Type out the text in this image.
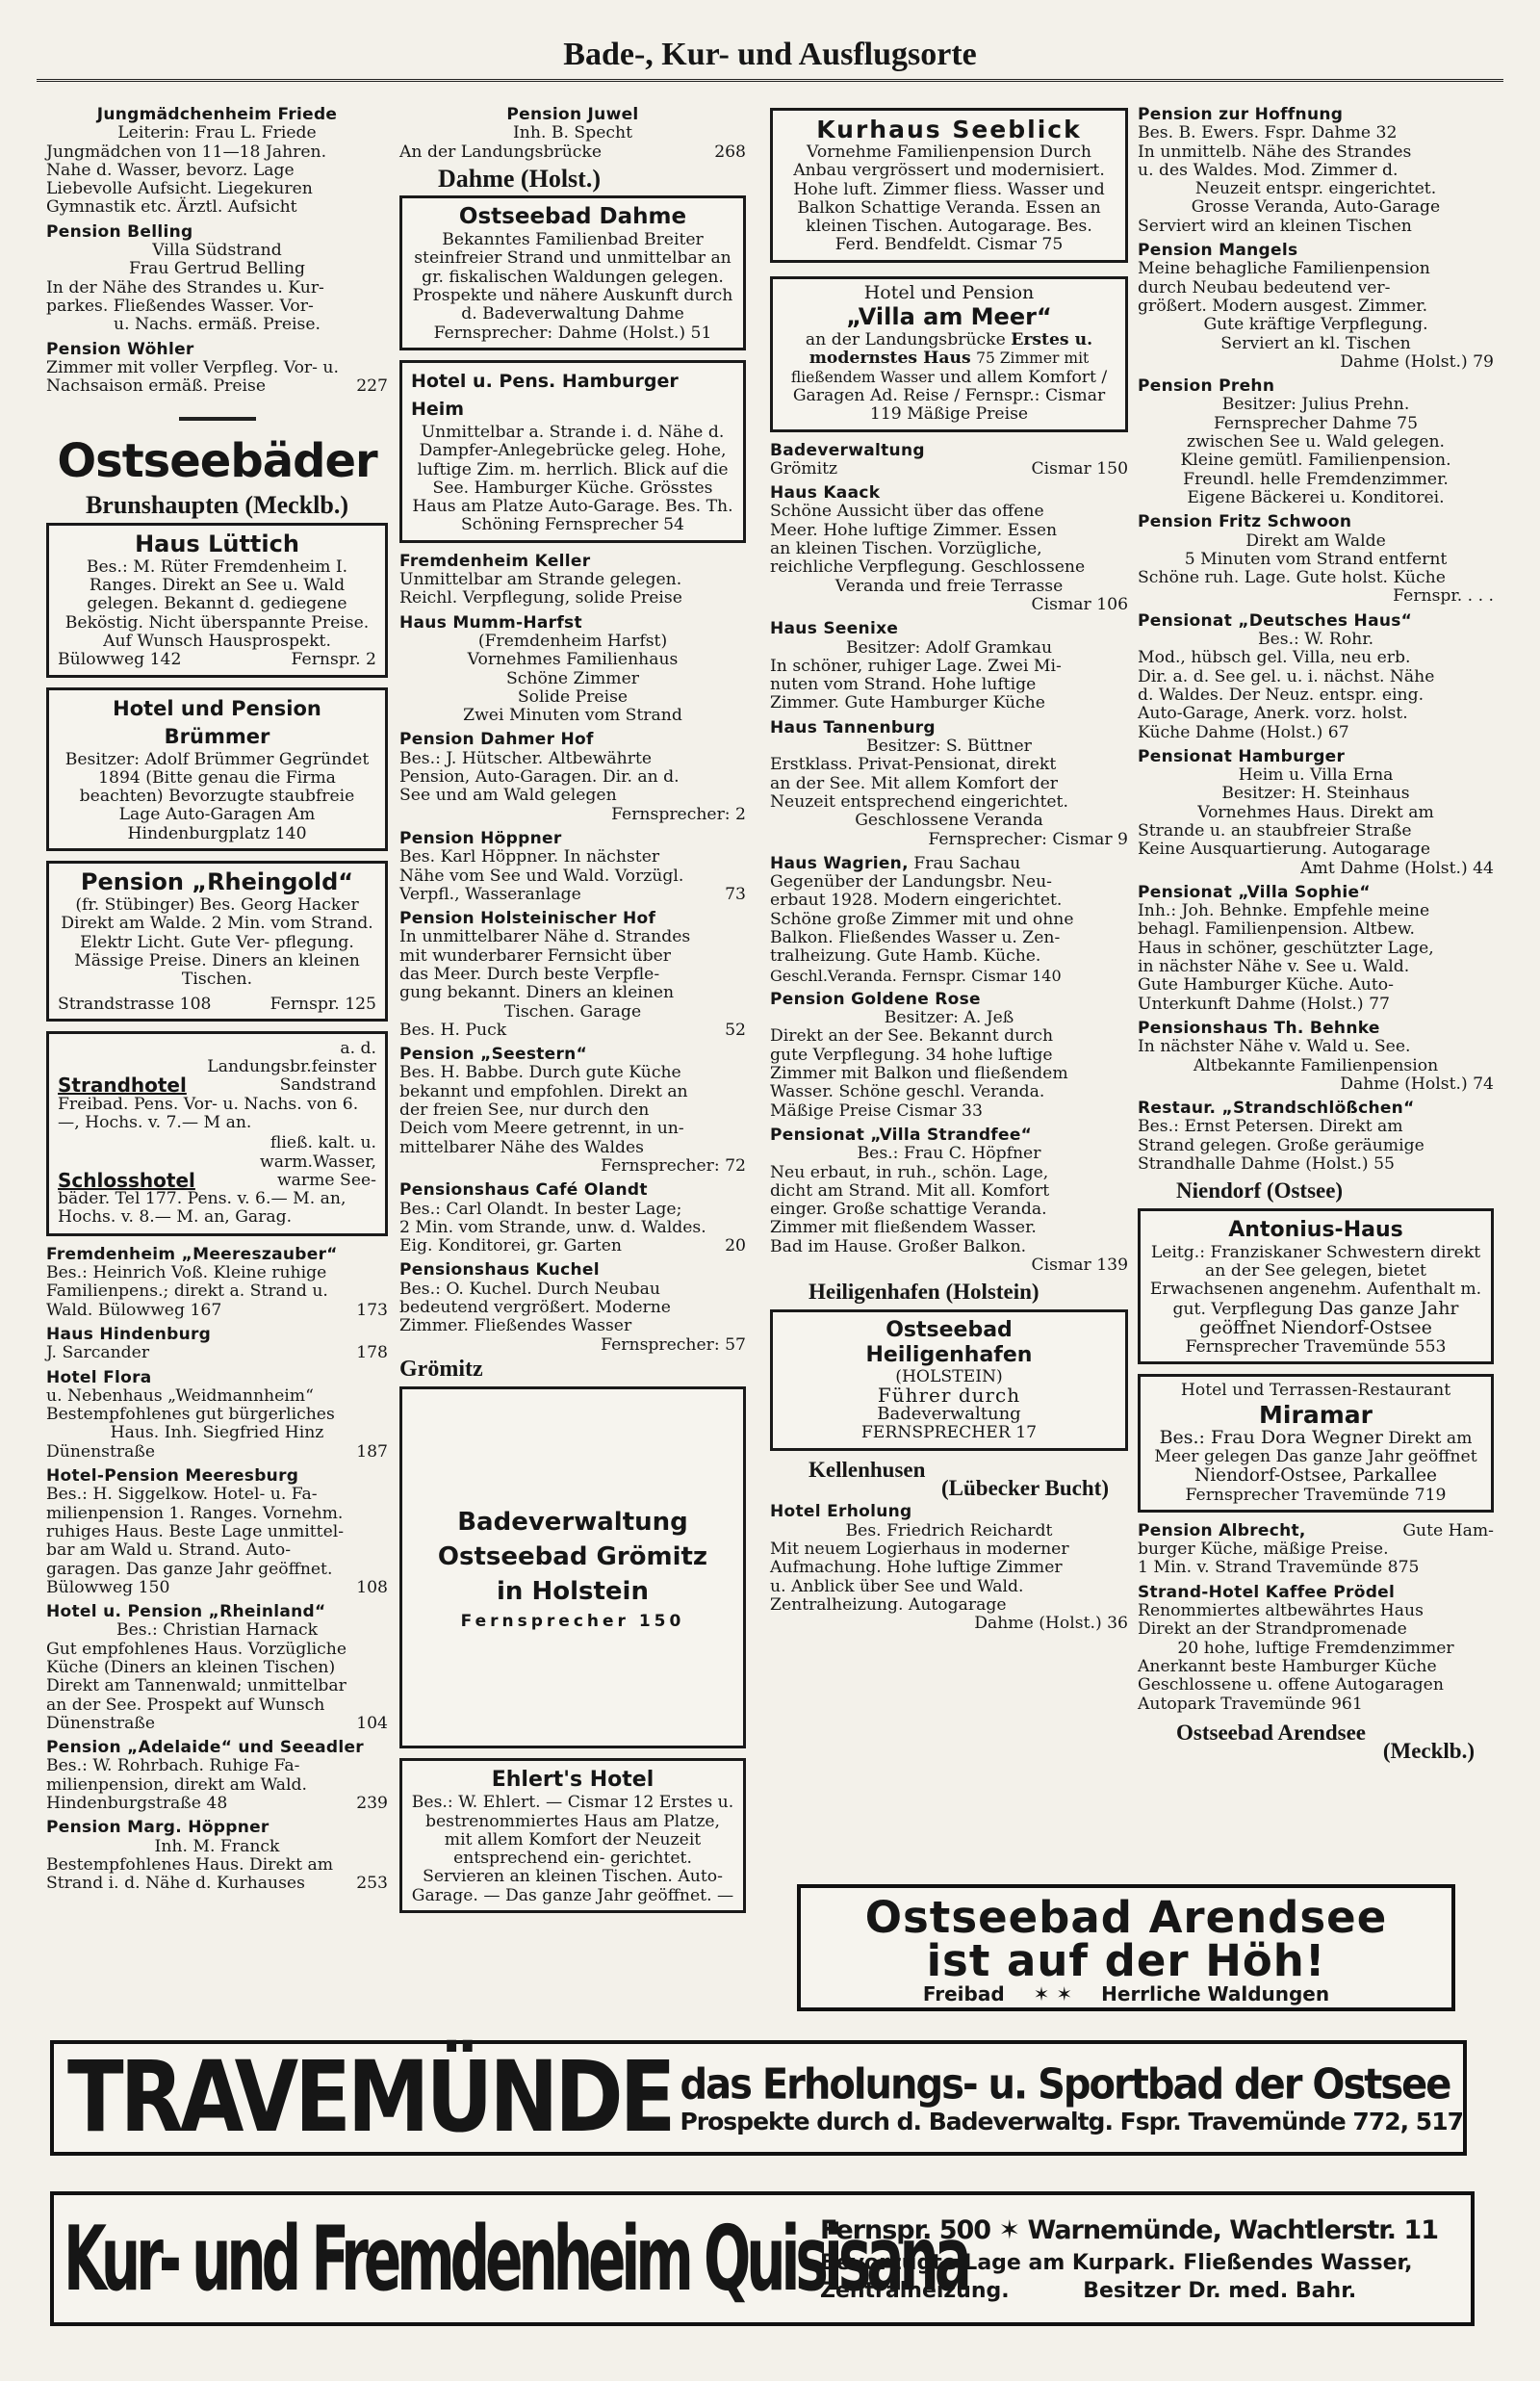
Bade-, Kur- und Ausflugsorte
Jungmädchenheim Friede
Leiterin: Frau L. Friede
Jungmädchen von 11—18 Jahren.
Nahe d. Wasser, bevorz. Lage
Liebevolle Aufsicht. Liegekuren
Gymnastik etc. Ärztl. Aufsicht
Pension Belling
Villa Südstrand
Frau Gertrud Belling
In der Nähe des Strandes u. Kur-
parkes. Fließendes Wasser. Vor-
u. Nachs. ermäß. Preise.
Pension Wöhler
Zimmer mit voller Verpfleg. Vor- u.
Nachsaison ermäß. Preise	227
Ostseebäder
Brunshaupten (Mecklb.)
Haus Lüttich
Bes.: M. Rüter Fremdenheim I. Ranges. Direkt an See u. Wald gelegen. Bekannt d. gediegene Beköstig. Nicht überspannte Preise. Auf Wunsch Hausprospekt.
Bülowweg 142	Fernspr. 2
Hotel und Pension Brümmer
Besitzer: Adolf Brümmer Gegründet 1894 (Bitte genau die Firma beachten) Bevorzugte staubfreie Lage Auto-Garagen Am Hindenburgplatz 140
Pension „Rheingold“
(fr. Stübinger) Bes. Georg Hacker Direkt am Walde. 2 Min. vom Strand. Elektr Licht. Gute Ver- pflegung. Mässige Preise. Diners an kleinen Tischen.
Strandstrasse 108	Fernspr. 125
Strandhotel
a. d. Landungsbr.feinster Sandstrand
Freibad. Pens. Vor- u. Nachs. von 6.—, Hochs. v. 7.— M an.
Schlosshotel
fließ. kalt. u. warm.Wasser, warme See-
bäder. Tel 177. Pens. v. 6.— M. an, Hochs. v. 8.— M. an, Garag.
Fremdenheim „Meereszauber“
Bes.: Heinrich Voß. Kleine ruhige
Familienpens.; direkt a. Strand u.
Wald. Bülowweg 167	173
Haus Hindenburg
J. Sarcander	178
Hotel Flora
u. Nebenhaus „Weidmannheim“
Bestempfohlenes gut bürgerliches
Haus. Inh. Siegfried Hinz
Dünenstraße	187
Hotel-Pension Meeresburg
Bes.: H. Siggelkow. Hotel- u. Fa-
milienpension 1. Ranges. Vornehm.
ruhiges Haus. Beste Lage unmittel-
bar am Wald u. Strand. Auto-
garagen. Das ganze Jahr geöffnet.
Bülowweg 150	108
Hotel u. Pension „Rheinland“
Bes.: Christian Harnack
Gut empfohlenes Haus. Vorzügliche
Küche (Diners an kleinen Tischen)
Direkt am Tannenwald; unmittelbar
an der See. Prospekt auf Wunsch
Dünenstraße	104
Pension „Adelaide“ und Seeadler
Bes.: W. Rohrbach. Ruhige Fa-
milienpension, direkt am Wald.
Hindenburgstraße 48	239
Pension Marg. Höppner
Inh. M. Franck
Bestempfohlenes Haus. Direkt am
Strand i. d. Nähe d. Kurhauses	253
Pension Juwel
Inh. B. Specht
An der Landungsbrücke	268
Dahme (Holst.)
Ostseebad Dahme
Bekanntes Familienbad Breiter steinfreier Strand und unmittelbar an gr. fiskalischen Waldungen gelegen. Prospekte und nähere Auskunft durch d. Badeverwaltung Dahme Fernsprecher: Dahme (Holst.) 51
Hotel u. Pens. Hamburger Heim
Unmittelbar a. Strande i. d. Nähe d. Dampfer-Anlegebrücke geleg. Hohe, luftige Zim. m. herrlich. Blick auf die See. Hamburger Küche. Grösstes Haus am Platze Auto-Garage. Bes. Th. Schöning Fernsprecher 54
Fremdenheim Keller
Unmittelbar am Strande gelegen.
Reichl. Verpflegung, solide Preise
Haus Mumm-Harfst
(Fremdenheim Harfst)
Vornehmes Familienhaus
Schöne Zimmer
Solide Preise
Zwei Minuten vom Strand
Pension Dahmer Hof
Bes.: J. Hütscher. Altbewährte
Pension, Auto-Garagen. Dir. an d.
See und am Wald gelegen
Fernsprecher: 2
Pension Höppner
Bes. Karl Höppner. In nächster
Nähe vom See und Wald. Vorzügl.
Verpfl., Wasseranlage	73
Pension Holsteinischer Hof
In unmittelbarer Nähe d. Strandes
mit wunderbarer Fernsicht über
das Meer. Durch beste Verpfle-
gung bekannt. Diners an kleinen
Tischen. Garage
Bes. H. Puck	52
Pension „Seestern“
Bes. H. Babbe. Durch gute Küche
bekannt und empfohlen. Direkt an
der freien See, nur durch den
Deich vom Meere getrennt, in un-
mittelbarer Nähe des Waldes
Fernsprecher: 72
Pensionshaus Café Olandt
Bes.: Carl Olandt. In bester Lage;
2 Min. vom Strande, unw. d. Waldes.
Eig. Konditorei, gr. Garten	20
Pensionshaus Kuchel
Bes.: O. Kuchel. Durch Neubau
bedeutend vergrößert. Moderne
Zimmer. Fließendes Wasser
Fernsprecher: 57
Grömitz
Badeverwaltung
Ostseebad Grömitz
in Holstein
Fernsprecher 150
Ehlert's Hotel
Bes.: W. Ehlert. — Cismar 12 Erstes u. bestrenommiertes Haus am Platze, mit allem Komfort der Neuzeit entsprechend ein- gerichtet. Servieren an kleinen Tischen. Auto-Garage. — Das ganze Jahr geöffnet. —
Kurhaus Seeblick
Vornehme Familienpension Durch Anbau vergrössert und modernisiert. Hohe luft. Zimmer fliess. Wasser und Balkon Schattige Veranda. Essen an kleinen Tischen. Autogarage. Bes. Ferd. Bendfeldt. Cismar 75
Hotel und Pension
„Villa am Meer“
an der Landungsbrücke Erstes u. modernstes Haus 75 Zimmer mit fließendem Wasser und allem Komfort / Garagen Ad. Reise / Fernspr.: Cismar 119 Mäßige Preise
Badeverwaltung
Grömitz	Cismar 150
Haus Kaack
Schöne Aussicht über das offene
Meer. Hohe luftige Zimmer. Essen
an kleinen Tischen. Vorzügliche,
reichliche Verpflegung. Geschlossene
Veranda und freie Terrasse
Cismar 106
Haus Seenixe
Besitzer: Adolf Gramkau
In schöner, ruhiger Lage. Zwei Mi-
nuten vom Strand. Hohe luftige
Zimmer. Gute Hamburger Küche
Haus Tannenburg
Besitzer: S. Büttner
Erstklass. Privat-Pensionat, direkt
an der See. Mit allem Komfort der
Neuzeit entsprechend eingerichtet.
Geschlossene Veranda
Fernsprecher: Cismar 9
Haus Wagrien, Frau Sachau
Gegenüber der Landungsbr. Neu-
erbaut 1928. Modern eingerichtet.
Schöne große Zimmer mit und ohne
Balkon. Fließendes Wasser u. Zen-
tralheizung. Gute Hamb. Küche.
Geschl.Veranda. Fernspr. Cismar 140
Pension Goldene Rose
Besitzer: A. Jeß
Direkt an der See. Bekannt durch
gute Verpflegung. 34 hohe luftige
Zimmer mit Balkon und fließendem
Wasser. Schöne geschl. Veranda.
Mäßige Preise Cismar 33
Pensionat „Villa Strandfee“
Bes.: Frau C. Höpfner
Neu erbaut, in ruh., schön. Lage,
dicht am Strand. Mit all. Komfort
einger. Große schattige Veranda.
Zimmer mit fließendem Wasser.
Bad im Hause. Großer Balkon.
Cismar 139
Heiligenhafen (Holstein)
Ostseebad
Heiligenhafen
(HOLSTEIN)
Führer durch
Badeverwaltung
FERNSPRECHER 17
Kellenhusen
(Lübecker Bucht)
Hotel Erholung
Bes. Friedrich Reichardt
Mit neuem Logierhaus in moderner
Aufmachung. Hohe luftige Zimmer
u. Anblick über See und Wald.
Zentralheizung. Autogarage
Dahme (Holst.) 36
Pension zur Hoffnung
Bes. B. Ewers. Fspr. Dahme 32
In unmittelb. Nähe des Strandes
u. des Waldes. Mod. Zimmer d.
Neuzeit entspr. eingerichtet.
Grosse Veranda, Auto-Garage
Serviert wird an kleinen Tischen
Pension Mangels
Meine behagliche Familienpension
durch Neubau bedeutend ver-
größert. Modern ausgest. Zimmer.
Gute kräftige Verpflegung.
Serviert an kl. Tischen
Dahme (Holst.) 79
Pension Prehn
Besitzer: Julius Prehn.
Fernsprecher Dahme 75
zwischen See u. Wald gelegen.
Kleine gemütl. Familienpension.
Freundl. helle Fremdenzimmer.
Eigene Bäckerei u. Konditorei.
Pension Fritz Schwoon
Direkt am Walde
5 Minuten vom Strand entfernt
Schöne ruh. Lage. Gute holst. Küche
Fernspr. . . .
Pensionat „Deutsches Haus“
Bes.: W. Rohr.
Mod., hübsch gel. Villa, neu erb.
Dir. a. d. See gel. u. i. nächst. Nähe
d. Waldes. Der Neuz. entspr. eing.
Auto-Garage, Anerk. vorz. holst.
Küche Dahme (Holst.) 67
Pensionat Hamburger
Heim u. Villa Erna
Besitzer: H. Steinhaus
Vornehmes Haus. Direkt am
Strande u. an staubfreier Straße
Keine Ausquartierung. Autogarage
Amt Dahme (Holst.) 44
Pensionat „Villa Sophie“
Inh.: Joh. Behnke. Empfehle meine
behagl. Familienpension. Altbew.
Haus in schöner, geschützter Lage,
in nächster Nähe v. See u. Wald.
Gute Hamburger Küche. Auto-
Unterkunft Dahme (Holst.) 77
Pensionshaus Th. Behnke
In nächster Nähe v. Wald u. See.
Altbekannte Familienpension
Dahme (Holst.) 74
Restaur. „Strandschlößchen“
Bes.: Ernst Petersen. Direkt am
Strand gelegen. Große geräumige
Strandhalle Dahme (Holst.) 55
Niendorf (Ostsee)
Antonius-Haus
Leitg.: Franziskaner Schwestern direkt an der See gelegen, bietet Erwachsenen angenehm. Aufenthalt m. gut. Verpflegung Das ganze Jahr geöffnet Niendorf-Ostsee Fernsprecher Travemünde 553
Hotel und Terrassen-Restaurant
Miramar
Bes.: Frau Dora Wegner Direkt am Meer gelegen Das ganze Jahr geöffnet Niendorf-Ostsee, Parkallee Fernsprecher Travemünde 719
Pension Albrecht,	Gute Ham-
burger Küche, mäßige Preise.
1 Min. v. Strand Travemünde 875
Strand-Hotel Kaffee Prödel
Renommiertes altbewährtes Haus
Direkt an der Strandpromenade
20 hohe, luftige Fremdenzimmer
Anerkannt beste Hamburger Küche
Geschlossene u. offene Autogaragen
Autopark Travemünde 961
Ostseebad Arendsee
(Mecklb.)
Ostseebad Arendsee
ist auf der Höh!
Freibad ✶ ✶ Herrliche Waldungen
TRAVEMÜNDE das Erholungs- u. Sportbad der Ostsee
Prospekte durch d. Badeverwaltg. Fspr. Travemünde 772, 517
Kur- und Fremdenheim Quisisana
Fernspr. 500 ✶ Warnemünde, Wachtlerstr. 11
Bevorzugte Lage am Kurpark. Fließendes Wasser,
Zentralheizung.          Besitzer Dr. med. Bahr.
